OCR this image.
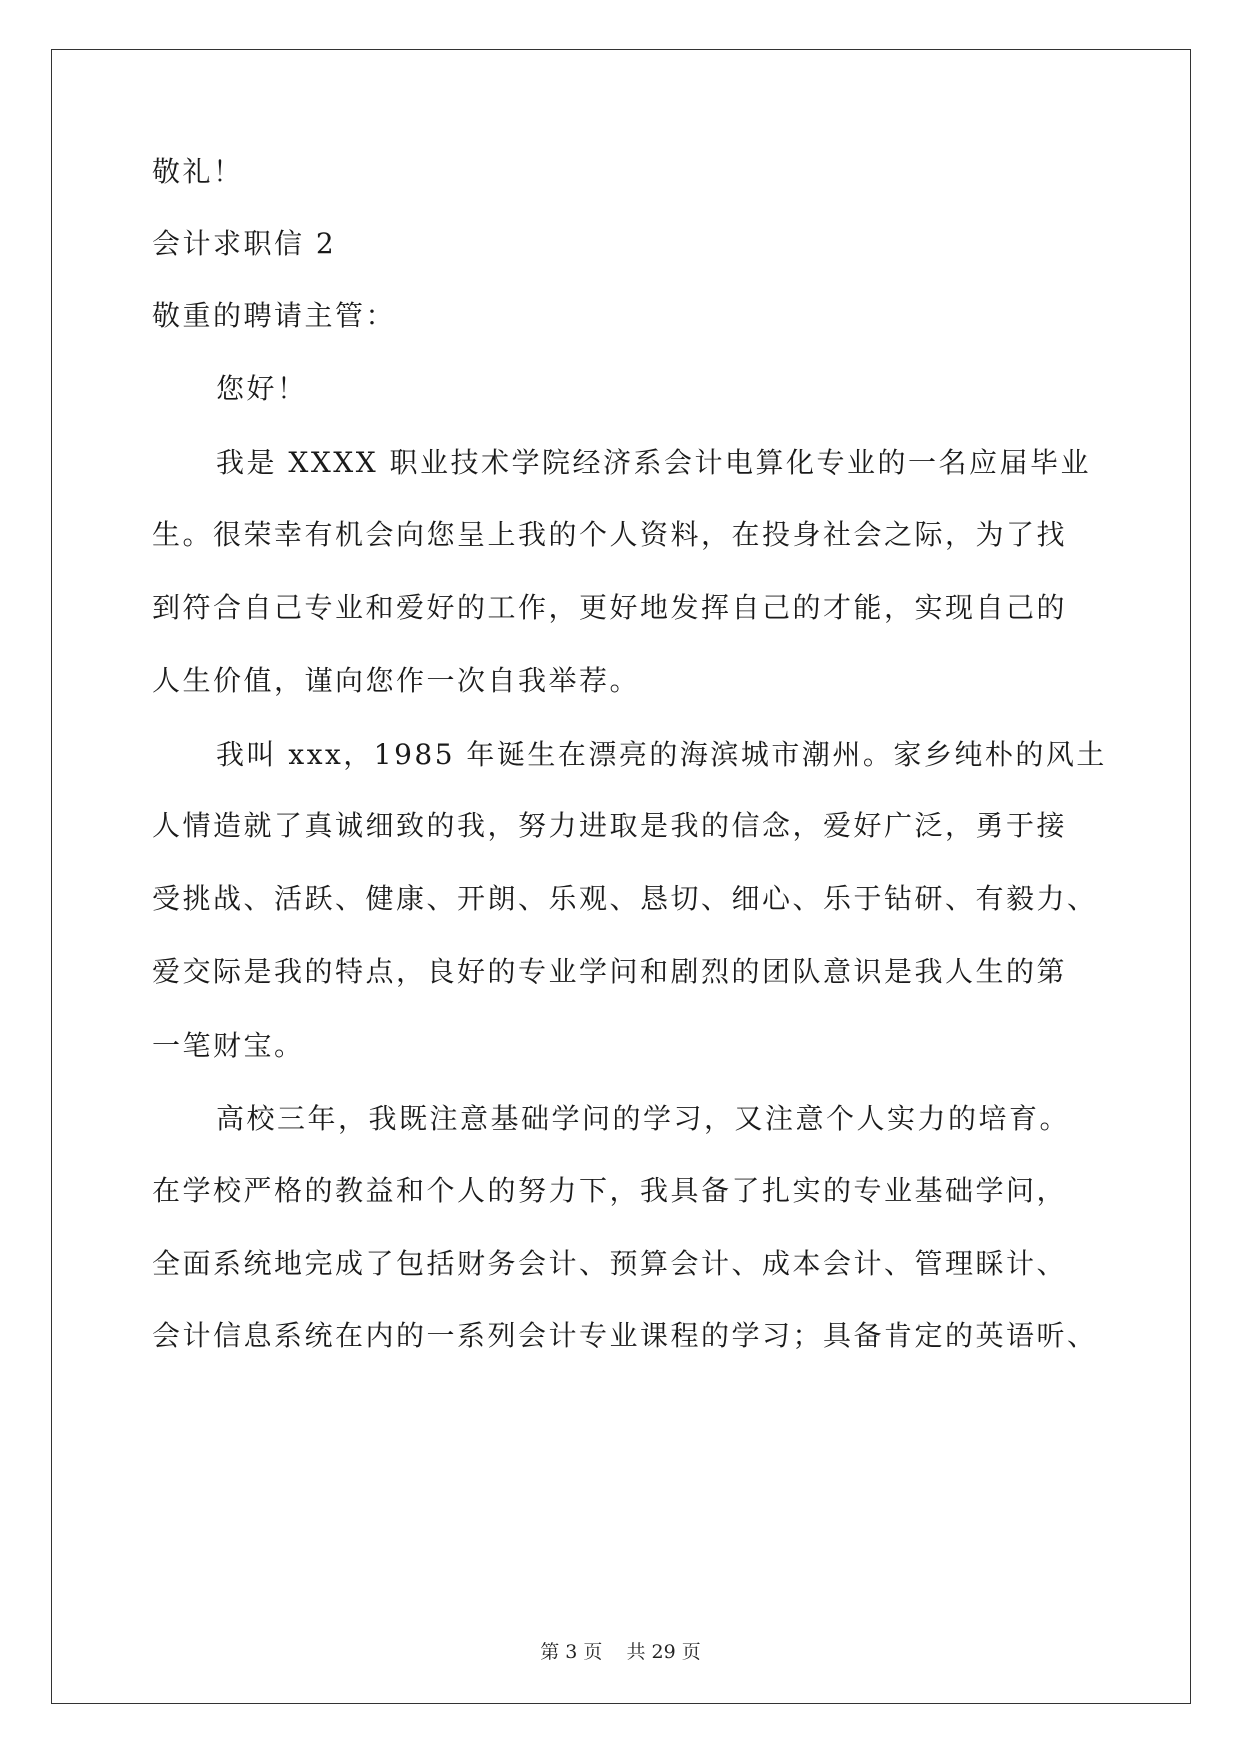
敬礼！
会计求职信 2
敬重的聘请主管：
您好！
我是 XXXX 职业技术学院经济系会计电算化专业的一名应届毕业
生。很荣幸有机会向您呈上我的个人资料，在投身社会之际，为了找
到符合自己专业和爱好的工作，更好地发挥自己的才能，实现自己的
人生价值，谨向您作一次自我举荐。
我叫 xxx，1985 年诞生在漂亮的海滨城市潮州。家乡纯朴的风土
人情造就了真诚细致的我，努力进取是我的信念，爱好广泛，勇于接
受挑战、活跃、健康、开朗、乐观、恳切、细心、乐于钻研、有毅力、
爱交际是我的特点，良好的专业学问和剧烈的团队意识是我人生的第
一笔财宝。
高校三年，我既注意基础学问的学习，又注意个人实力的培育。
在学校严格的教益和个人的努力下，我具备了扎实的专业基础学问，
全面系统地完成了包括财务会计、预算会计、成本会计、管理睬计、
会计信息系统在内的一系列会计专业课程的学习；具备肯定的英语听、
第 3 页 共 29 页
